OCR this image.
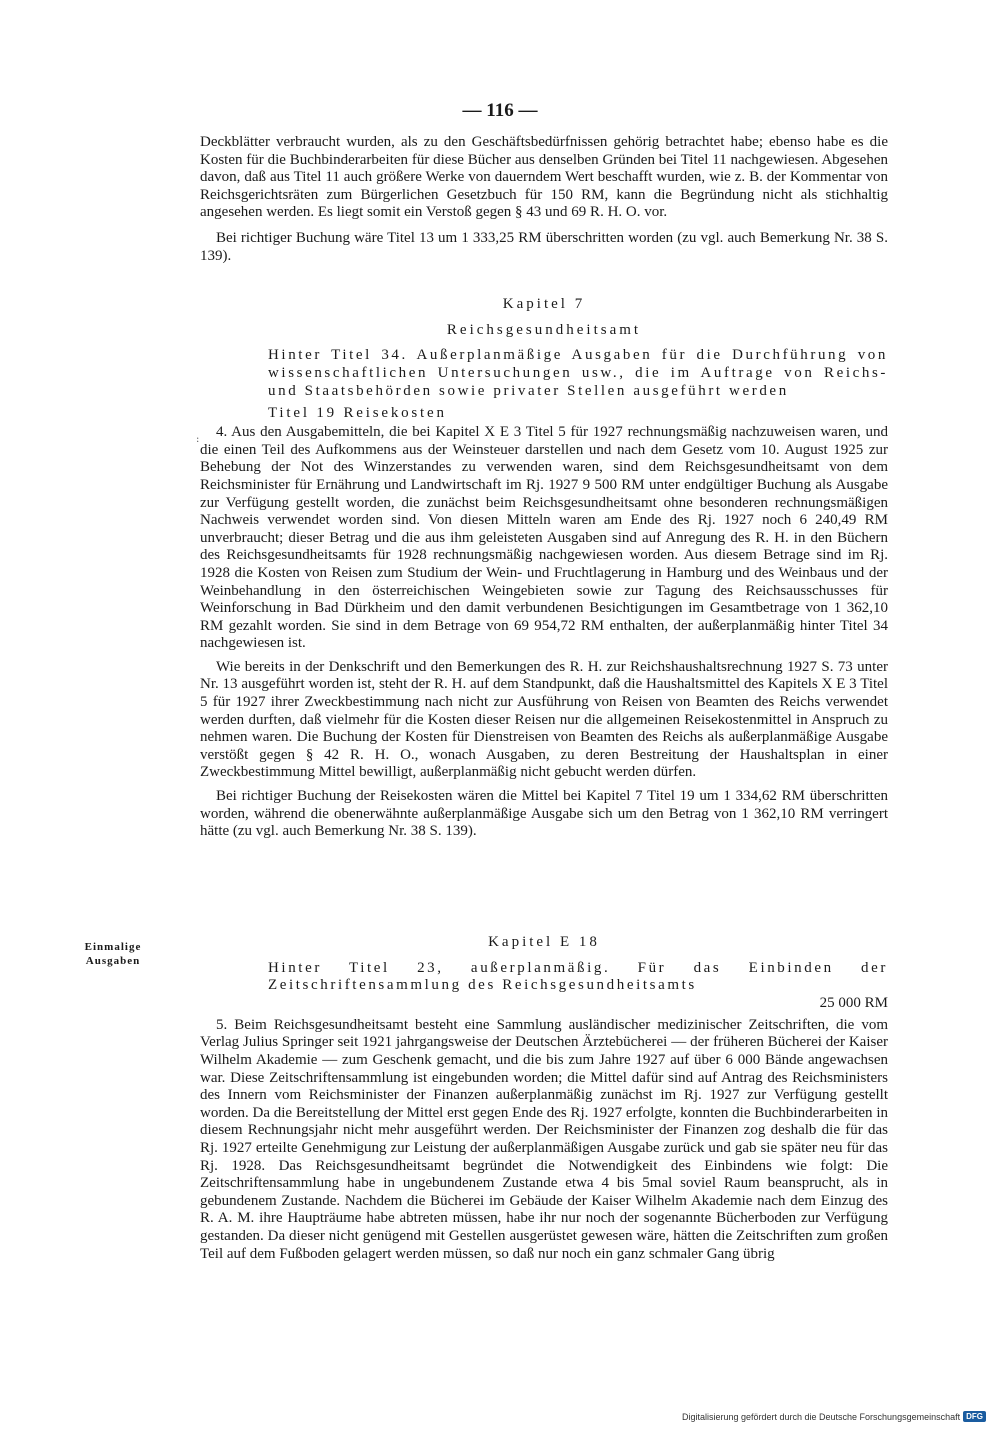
— 116 —

Deckblätter verbraucht wurden, als zu den Geschäftsbedürfnissen gehörig betrachtet habe; ebenso habe es die Kosten für die Buchbinderarbeiten für diese Bücher aus denselben Gründen bei Titel 11 nachgewiesen. Abgesehen davon, daß aus Titel 11 auch größere Werke von dauerndem Wert beschafft wurden, wie z. B. der Kommentar von Reichsgerichtsräten zum Bürgerlichen Gesetzbuch für 150 RM, kann die Begründung nicht als stichhaltig angesehen werden. Es liegt somit ein Verstoß gegen § 43 und 69 R. H. O. vor.

Bei richtiger Buchung wäre Titel 13 um 1 333,25 RM überschritten worden (zu vgl. auch Bemerkung Nr. 38 S. 139).

Kapitel 7

Reichsgesundheitsamt

Hinter Titel 34. Außerplanmäßige Ausgaben für die Durchführung von wissenschaftlichen Untersuchungen usw., die im Auftrage von Reichs- und Staatsbehörden sowie privater Stellen ausgeführt werden

Titel 19 Reisekosten

4. Aus den Ausgabemitteln, die bei Kapitel X E 3 Titel 5 für 1927 rechnungsmäßig nachzuweisen waren, und die einen Teil des Aufkommens aus der Weinsteuer darstellen und nach dem Gesetz vom 10. August 1925 zur Behebung der Not des Winzerstandes zu verwenden waren, sind dem Reichsgesundheitsamt von dem Reichsminister für Ernährung und Landwirtschaft im Rj. 1927 9 500 RM unter endgültiger Buchung als Ausgabe zur Verfügung gestellt worden, die zunächst beim Reichsgesundheitsamt ohne besonderen rechnungsmäßigen Nachweis verwendet worden sind. Von diesen Mitteln waren am Ende des Rj. 1927 noch 6 240,49 RM unverbraucht; dieser Betrag und die aus ihm geleisteten Ausgaben sind auf Anregung des R. H. in den Büchern des Reichsgesundheitsamts für 1928 rechnungsmäßig nachgewiesen worden. Aus diesem Betrage sind im Rj. 1928 die Kosten von Reisen zum Studium der Wein- und Fruchtlagerung in Hamburg und des Weinbaus und der Weinbehandlung in den österreichischen Weingebieten sowie zur Tagung des Reichsausschusses für Weinforschung in Bad Dürkheim und den damit verbundenen Besichtigungen im Gesamtbetrage von 1 362,10 RM gezahlt worden. Sie sind in dem Betrage von 69 954,72 RM enthalten, der außerplanmäßig hinter Titel 34 nachgewiesen ist.

Wie bereits in der Denkschrift und den Bemerkungen des R. H. zur Reichshaushaltsrechnung 1927 S. 73 unter Nr. 13 ausgeführt worden ist, steht der R. H. auf dem Standpunkt, daß die Haushaltsmittel des Kapitels X E 3 Titel 5 für 1927 ihrer Zweckbestimmung nach nicht zur Ausführung von Reisen von Beamten des Reichs verwendet werden durften, daß vielmehr für die Kosten dieser Reisen nur die allgemeinen Reisekostenmittel in Anspruch zu nehmen waren. Die Buchung der Kosten für Dienstreisen von Beamten des Reichs als außerplanmäßige Ausgabe verstößt gegen § 42 R. H. O., wonach Ausgaben, zu deren Bestreitung der Haushaltsplan in einer Zweckbestimmung Mittel bewilligt, außerplanmäßig nicht gebucht werden dürfen.

Bei richtiger Buchung der Reisekosten wären die Mittel bei Kapitel 7 Titel 19 um 1 334,62 RM überschritten worden, während die obenerwähnte außerplanmäßige Ausgabe sich um den Betrag von 1 362,10 RM verringert hätte (zu vgl. auch Bemerkung Nr. 38 S. 139).

:
Einmalige
Ausgaben

Kapitel E 18

Hinter Titel 23, außerplanmäßig. Für das Einbinden der Zeitschriftensammlung des Reichsgesundheitsamts

25 000 RM

5. Beim Reichsgesundheitsamt besteht eine Sammlung ausländischer medizinischer Zeitschriften, die vom Verlag Julius Springer seit 1921 jahrgangsweise der Deutschen Ärztebücherei — der früheren Bücherei der Kaiser Wilhelm Akademie — zum Geschenk gemacht, und die bis zum Jahre 1927 auf über 6 000 Bände angewachsen war. Diese Zeitschriftensammlung ist eingebunden worden; die Mittel dafür sind auf Antrag des Reichsministers des Innern vom Reichsminister der Finanzen außerplanmäßig zunächst im Rj. 1927 zur Verfügung gestellt worden. Da die Bereitstellung der Mittel erst gegen Ende des Rj. 1927 erfolgte, konnten die Buchbinderarbeiten in diesem Rechnungsjahr nicht mehr ausgeführt werden. Der Reichsminister der Finanzen zog deshalb die für das Rj. 1927 erteilte Genehmigung zur Leistung der außerplanmäßigen Ausgabe zurück und gab sie später neu für das Rj. 1928. Das Reichsgesundheitsamt begründet die Notwendigkeit des Einbindens wie folgt: Die Zeitschriftensammlung habe in ungebundenem Zustande etwa 4 bis 5mal soviel Raum beansprucht, als in gebundenem Zustande. Nachdem die Bücherei im Gebäude der Kaiser Wilhelm Akademie nach dem Einzug des R. A. M. ihre Haupträume habe abtreten müssen, habe ihr nur noch der sogenannte Bücherboden zur Verfügung gestanden. Da dieser nicht genügend mit Gestellen ausgerüstet gewesen wäre, hätten die Zeitschriften zum großen Teil auf dem Fußboden gelagert werden müssen, so daß nur noch ein ganz schmaler Gang übrig

Digitalisierung gefördert durch die Deutsche Forschungsgemeinschaft DFG
